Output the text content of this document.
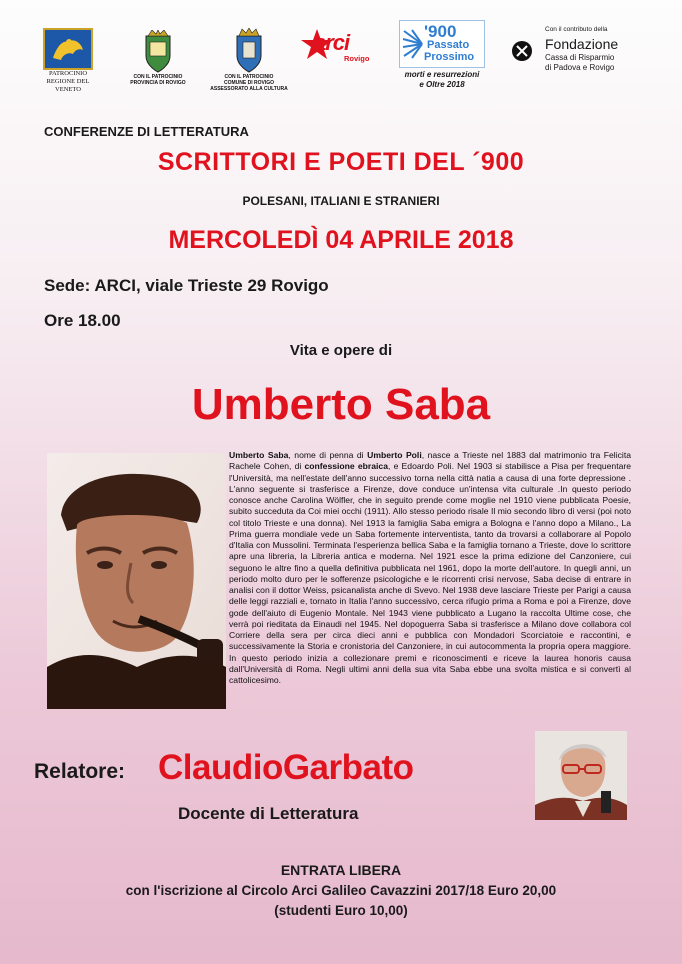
PATROCINIO
REGIONE DEL VENETO
CON IL PATROCINIO
PROVINCIA DI ROVIGO
CON IL PATROCINIO
COMUNE DI ROVIGO
ASSESSORATO ALLA CULTURA
arci
Rovigo
'900
Passato
Prossimo
morti e resurrezioni
e Oltre 2018
Con il contributo della
Fondazione
Cassa di Risparmio
di Padova e Rovigo
CONFERENZE DI LETTERATURA
SCRITTORI E POETI DEL ´900
POLESANI, ITALIANI E STRANIERI
MERCOLEDÌ 04 APRILE 2018
Sede: ARCI, viale Trieste 29 Rovigo
Ore 18.00
Vita e opere di
Umberto Saba
Umberto Saba, nome di penna di Umberto Poli, nasce a Trieste nel 1883 dal matrimonio tra Felicita Rachele Cohen, di confessione ebraica, e Edoardo Poli. Nel 1903 si stabilisce a Pisa per frequentare l'Università, ma nell'estate dell'anno successivo torna nella città natia a causa di una forte depressione . L'anno seguente si trasferisce a Firenze, dove conduce un'intensa vita culturale .In questo periodo conosce anche Carolina Wölfler, che in seguito prende come moglie nel 1910 viene pubblicata Poesie, subito succeduta da Coi miei occhi (1911). Allo stesso periodo risale Il mio secondo libro di versi (poi noto col titolo Trieste e una donna). Nel 1913 la famiglia Saba emigra a Bologna e l'anno dopo a Milano., La Prima guerra mondiale vede un Saba fortemente interventista, tanto da trovarsi a collaborare al Popolo d'Italia con Mussolini. Terminata l'esperienza bellica Saba e la famiglia tornano a Trieste, dove lo scrittore apre una libreria, la Libreria antica e moderna. Nel 1921 esce la prima edizione del Canzoniere, cui seguono le altre fino a quella definitiva pubblicata nel 1961, dopo la morte dell'autore. In quegli anni, un periodo molto duro per le sofferenze psicologiche e le ricorrenti crisi nervose, Saba decise di entrare in analisi con il dottor Weiss, psicanalista anche di Svevo. Nel 1938 deve lasciare Trieste per Parigi a causa delle leggi razziali e, tornato in Italia l'anno successivo, cerca rifugio prima a Roma e poi a Firenze, dove gode dell'aiuto di Eugenio Montale. Nel 1943 viene pubblicato a Lugano la raccolta Ultime cose, che verrà poi rieditata da Einaudi nel 1945. Nel dopoguerra Saba si trasferisce a Milano dove collabora col Corriere della sera per circa dieci anni e pubblica con Mondadori Scorciatoie e raccontini, e successivamente la Storia e cronistoria del Canzoniere, in cui autocommenta la propria opera maggiore. In questo periodo inizia a collezionare premi e riconoscimenti e riceve la laurea honoris causa dall'Università di Roma. Negli ultimi anni della sua vita Saba ebbe una svolta mistica e si convertì al cattolicesimo.
Relatore: ClaudioGarbato
Docente di Letteratura
ENTRATA LIBERA
con l'iscrizione al Circolo Arci Galileo Cavazzini 2017/18 Euro 20,00
(studenti Euro 10,00)
